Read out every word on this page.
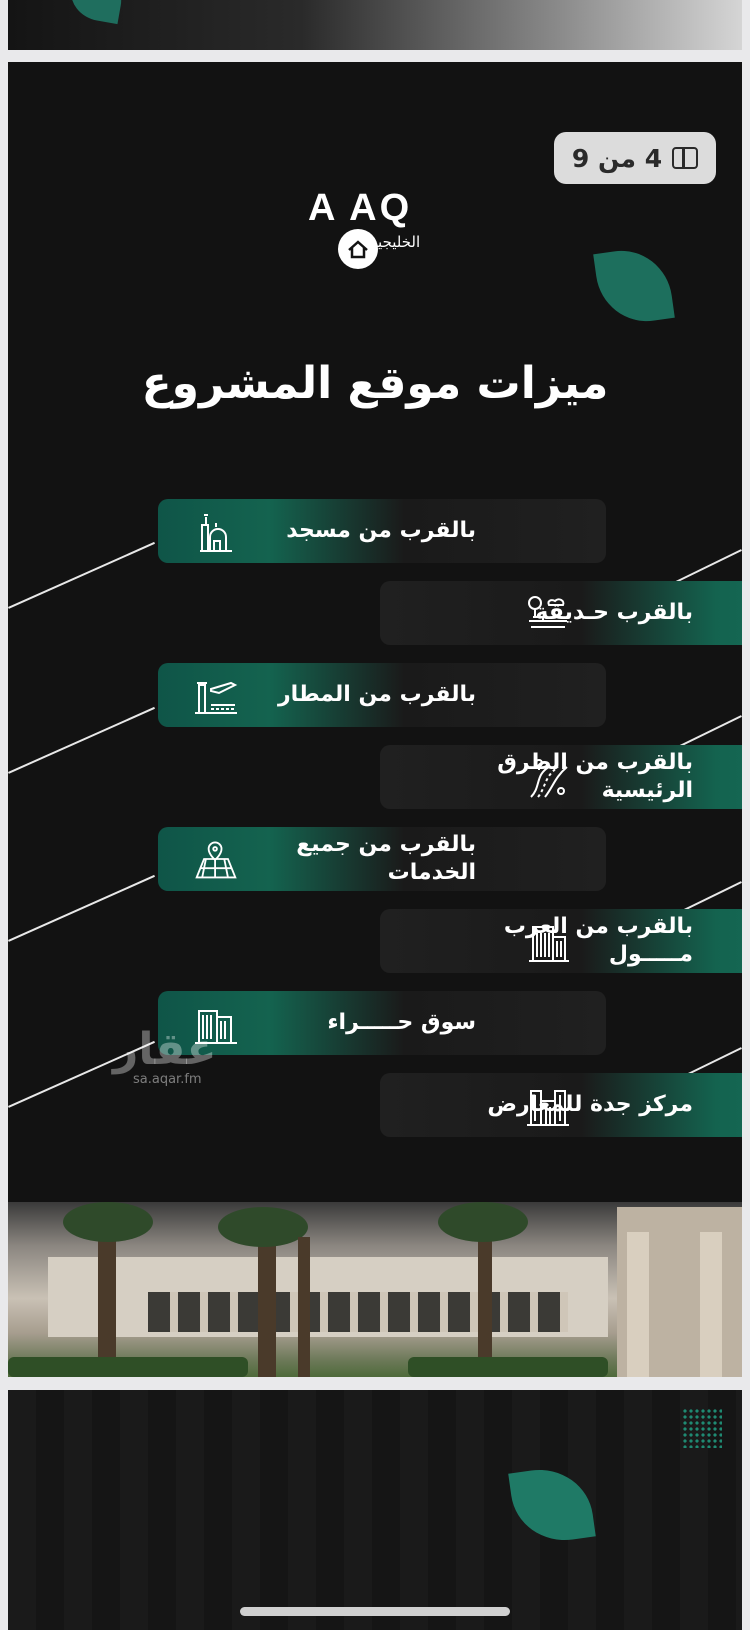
4 من 9
A AQ
الخليجية
ميزات موقع المشروع
بالقرب من مسجد
بالقرب حـديقة
بالقرب من المطار
بالقرب من الطرق الرئيسية
بالقرب من جميع الخدمات
بالقرب من العرب مـــــول
سوق حـــــراء
مركز جدة للمعارض
عقار
sa.aqar.fm
